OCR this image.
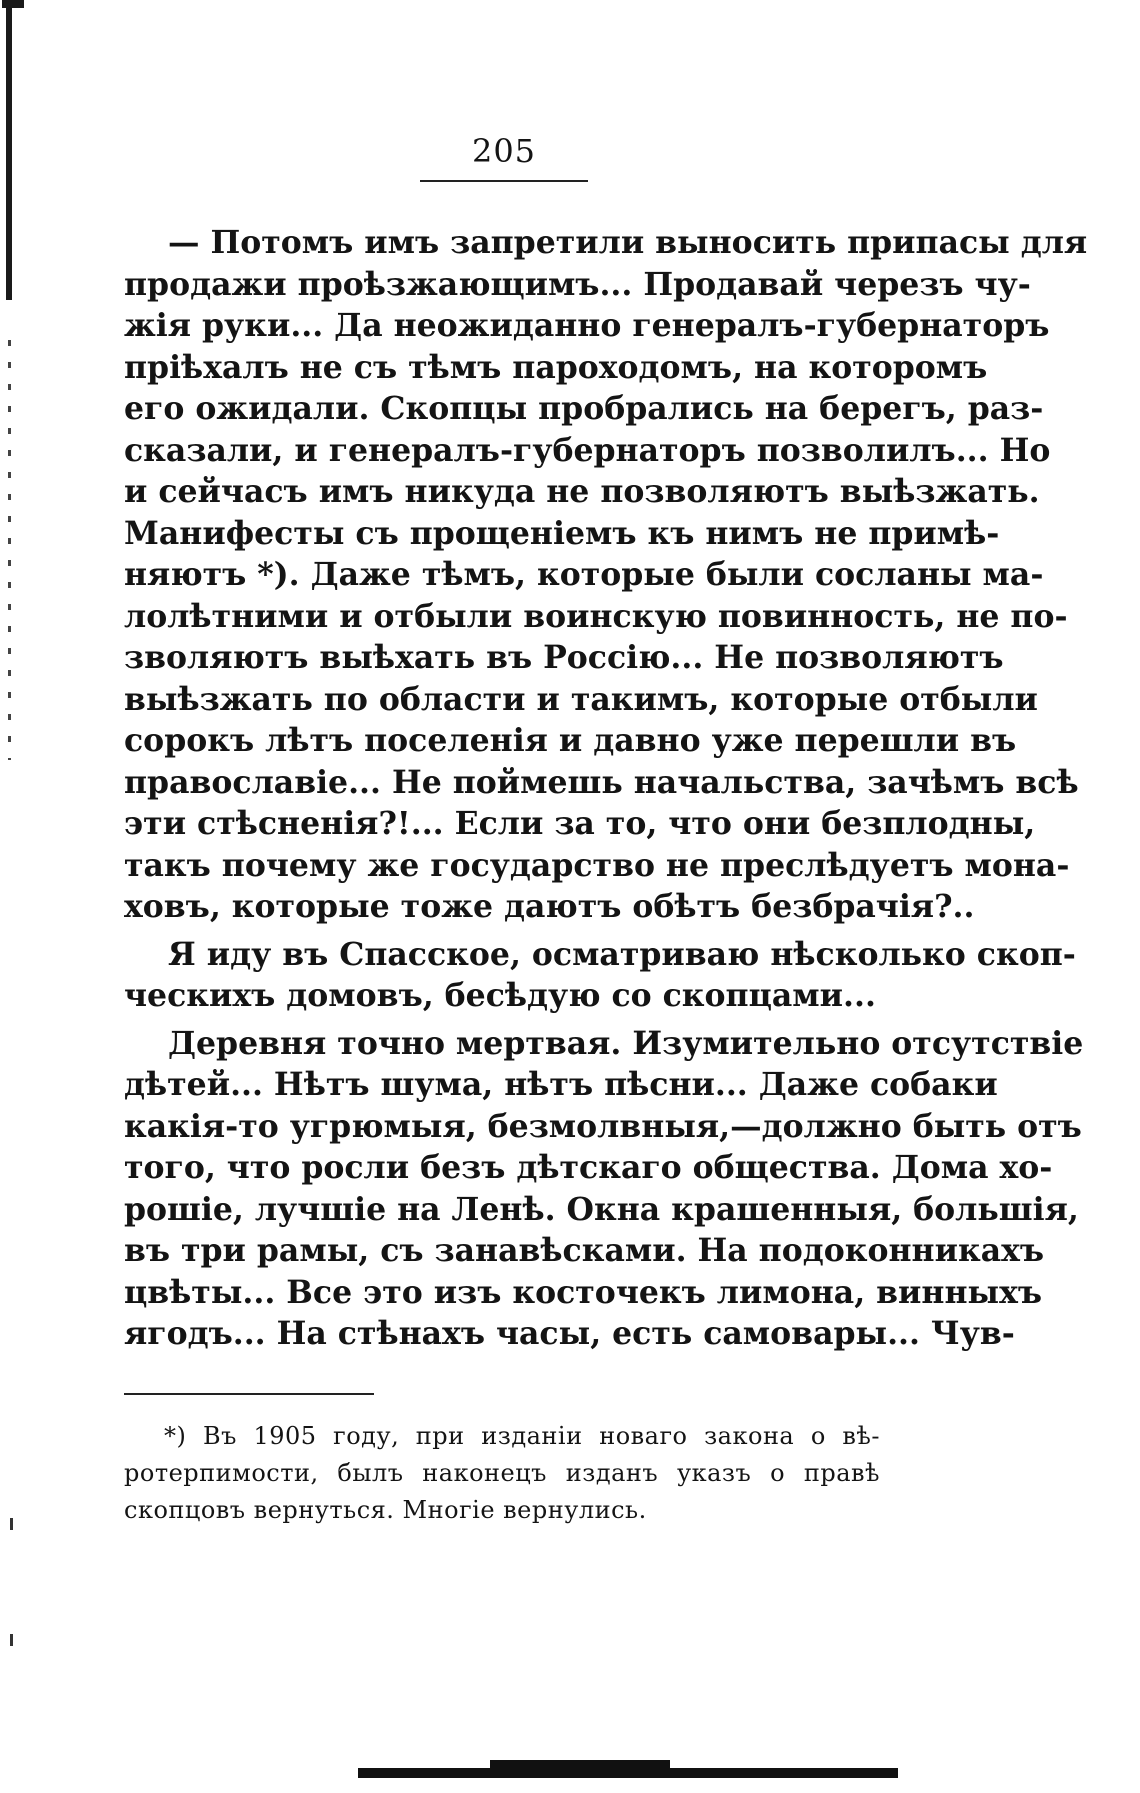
205
— Потомъ имъ запретили выносить припасы для
продажи проѣзжающимъ... Продавай черезъ чу-
жія руки... Да неожиданно генералъ-губернаторъ
пріѣхалъ не съ тѣмъ пароходомъ, на которомъ
его ожидали. Скопцы пробрались на берегъ, раз-
сказали, и генералъ-губернаторъ позволилъ... Но
и сейчасъ имъ никуда не позволяютъ выѣзжать.
Манифесты съ прощеніемъ къ нимъ не примѣ-
няютъ *). Даже тѣмъ, которые были сосланы ма-
лолѣтними и отбыли воинскую повинность, не по-
зволяютъ выѣхать въ Россію... Не позволяютъ
выѣзжать по области и такимъ, которые отбыли
сорокъ лѣтъ поселенія и давно уже перешли въ
православіе... Не поймешь начальства, зачѣмъ всѣ
эти стѣсненія?!... Если за то, что они безплодны,
такъ почему же государство не преслѣдуетъ мона-
ховъ, которые тоже даютъ обѣтъ безбрачія?..
Я иду въ Спасское, осматриваю нѣсколько скоп-
ческихъ домовъ, бесѣдую со скопцами...
Деревня точно мертвая. Изумительно отсутствіе
дѣтей... Нѣтъ шума, нѣтъ пѣсни... Даже собаки
какія-то угрюмыя, безмолвныя,—должно быть отъ
того, что росли безъ дѣтскаго общества. Дома хо-
рошіе, лучшіе на Ленѣ. Окна крашенныя, большія,
въ три рамы, съ занавѣсками. На подоконникахъ
цвѣты... Все это изъ косточекъ лимона, винныхъ
ягодъ... На стѣнахъ часы, есть самовары... Чув-
*) Въ 1905 году, при изданіи новаго закона о вѣ-
ротерпимости, былъ наконецъ изданъ указъ о правѣ
скопцовъ вернуться. Многіе вернулись.
